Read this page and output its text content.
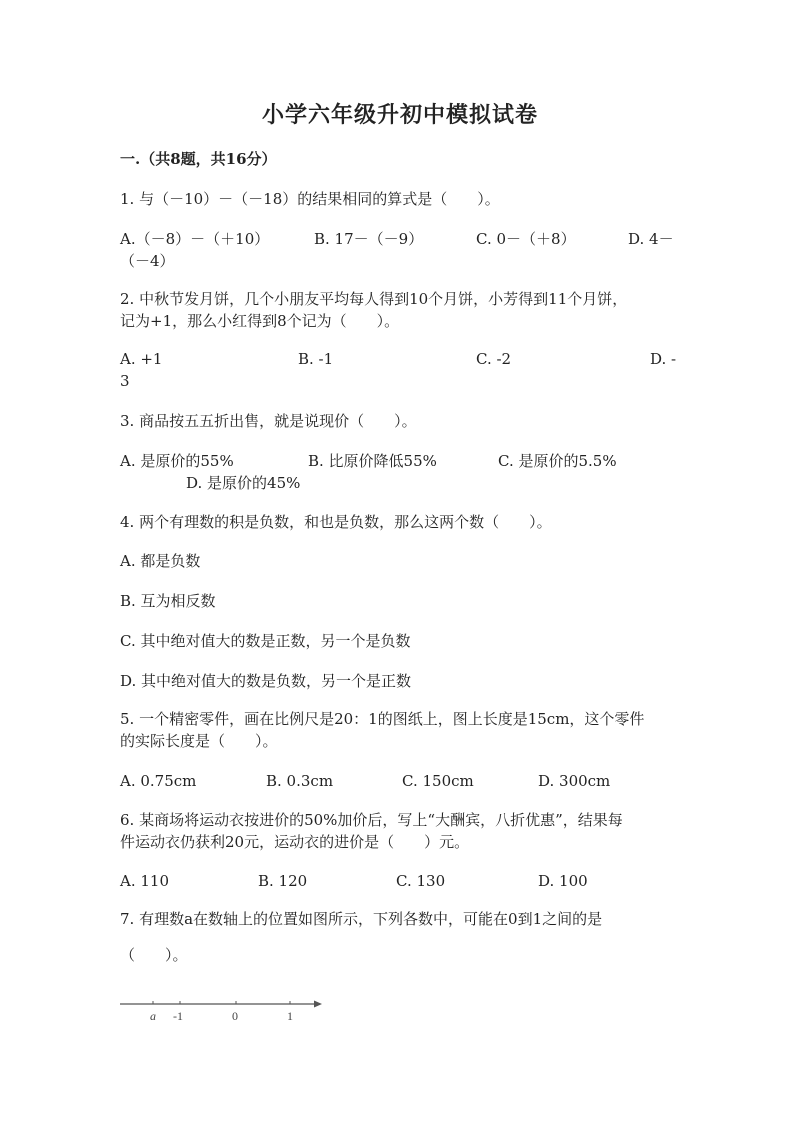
小学六年级升初中模拟试卷
一.（共8题，共16分）
1. 与（－10）－（－18）的结果相同的算式是（　　）。
A.（－8）－（＋10）	B. 17－（－9）	C. 0－（＋8）	D. 4－
（－4）
2. 中秋节发月饼，几个小朋友平均每人得到10个月饼，小芳得到11个月饼，
记为+1，那么小红得到8个记为（　　）。
A. +1	B. -1	C. -2	D. -
3
3. 商品按五五折出售，就是说现价（　　）。
A. 是原价的55%	B. 比原价降低55%	C. 是原价的5.5%
D. 是原价的45%
4. 两个有理数的积是负数，和也是负数，那么这两个数（　　）。
A. 都是负数
B. 互为相反数
C. 其中绝对值大的数是正数，另一个是负数
D. 其中绝对值大的数是负数，另一个是正数
5. 一个精密零件，画在比例尺是20：1的图纸上，图上长度是15cm，这个零件
的实际长度是（　　）。
A. 0.75cm	B. 0.3cm	C. 150cm	D. 300cm
6. 某商场将运动衣按进价的50%加价后，写上“大酬宾，八折优惠”，结果每
件运动衣仍获利20元，运动衣的进价是（　　）元。
A. 110	B. 120	C. 130	D. 100
7. 有理数a在数轴上的位置如图所示，下列各数中，可能在0到1之间的是
（　　）。
a -1	0	1
